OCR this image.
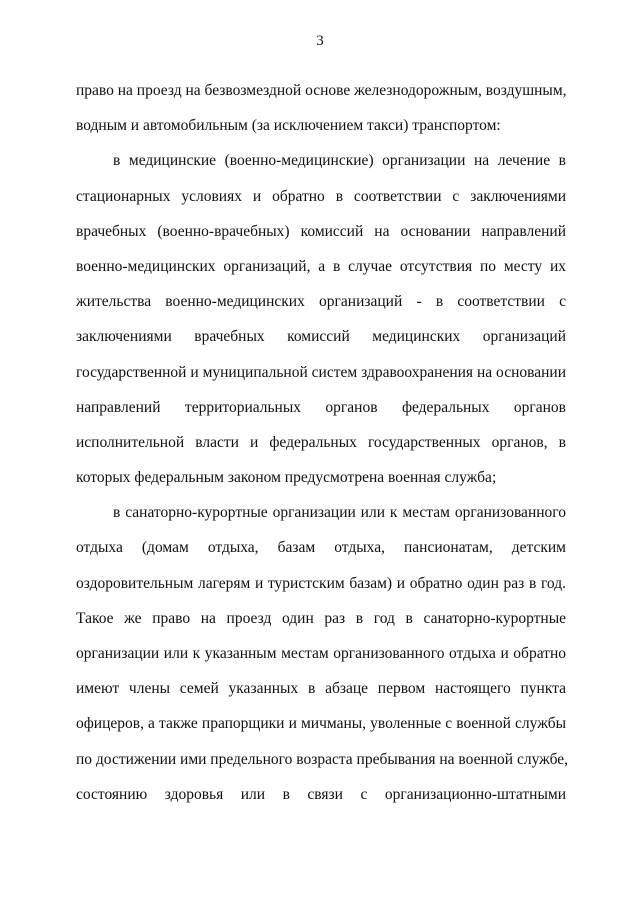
3
право на проезд на безвозмездной основе железнодорожным, воздушным,
водным и автомобильным (за исключением такси) транспортом:
в медицинские (военно-медицинские) организации на лечение в
стационарных условиях и обратно в соответствии с заключениями
врачебных (военно-врачебных) комиссий на основании направлений
военно-медицинских организаций, а в случае отсутствия по месту их
жительства военно-медицинских организаций - в соответствии с
заключениями врачебных комиссий медицинских организаций
государственной и муниципальной систем здравоохранения на основании
направлений территориальных органов федеральных органов
исполнительной власти и федеральных государственных органов, в
которых федеральным законом предусмотрена военная служба;
в санаторно-курортные организации или к местам организованного
отдыха (домам отдыха, базам отдыха, пансионатам, детским
оздоровительным лагерям и туристским базам) и обратно один раз в год.
Такое же право на проезд один раз в год в санаторно-курортные
организации или к указанным местам организованного отдыха и обратно
имеют члены семей указанных в абзаце первом настоящего пункта
офицеров, а также прапорщики и мичманы, уволенные с военной службы
по достижении ими предельного возраста пребывания на военной службе,
состоянию здоровья или в связи с организационно-штатными
